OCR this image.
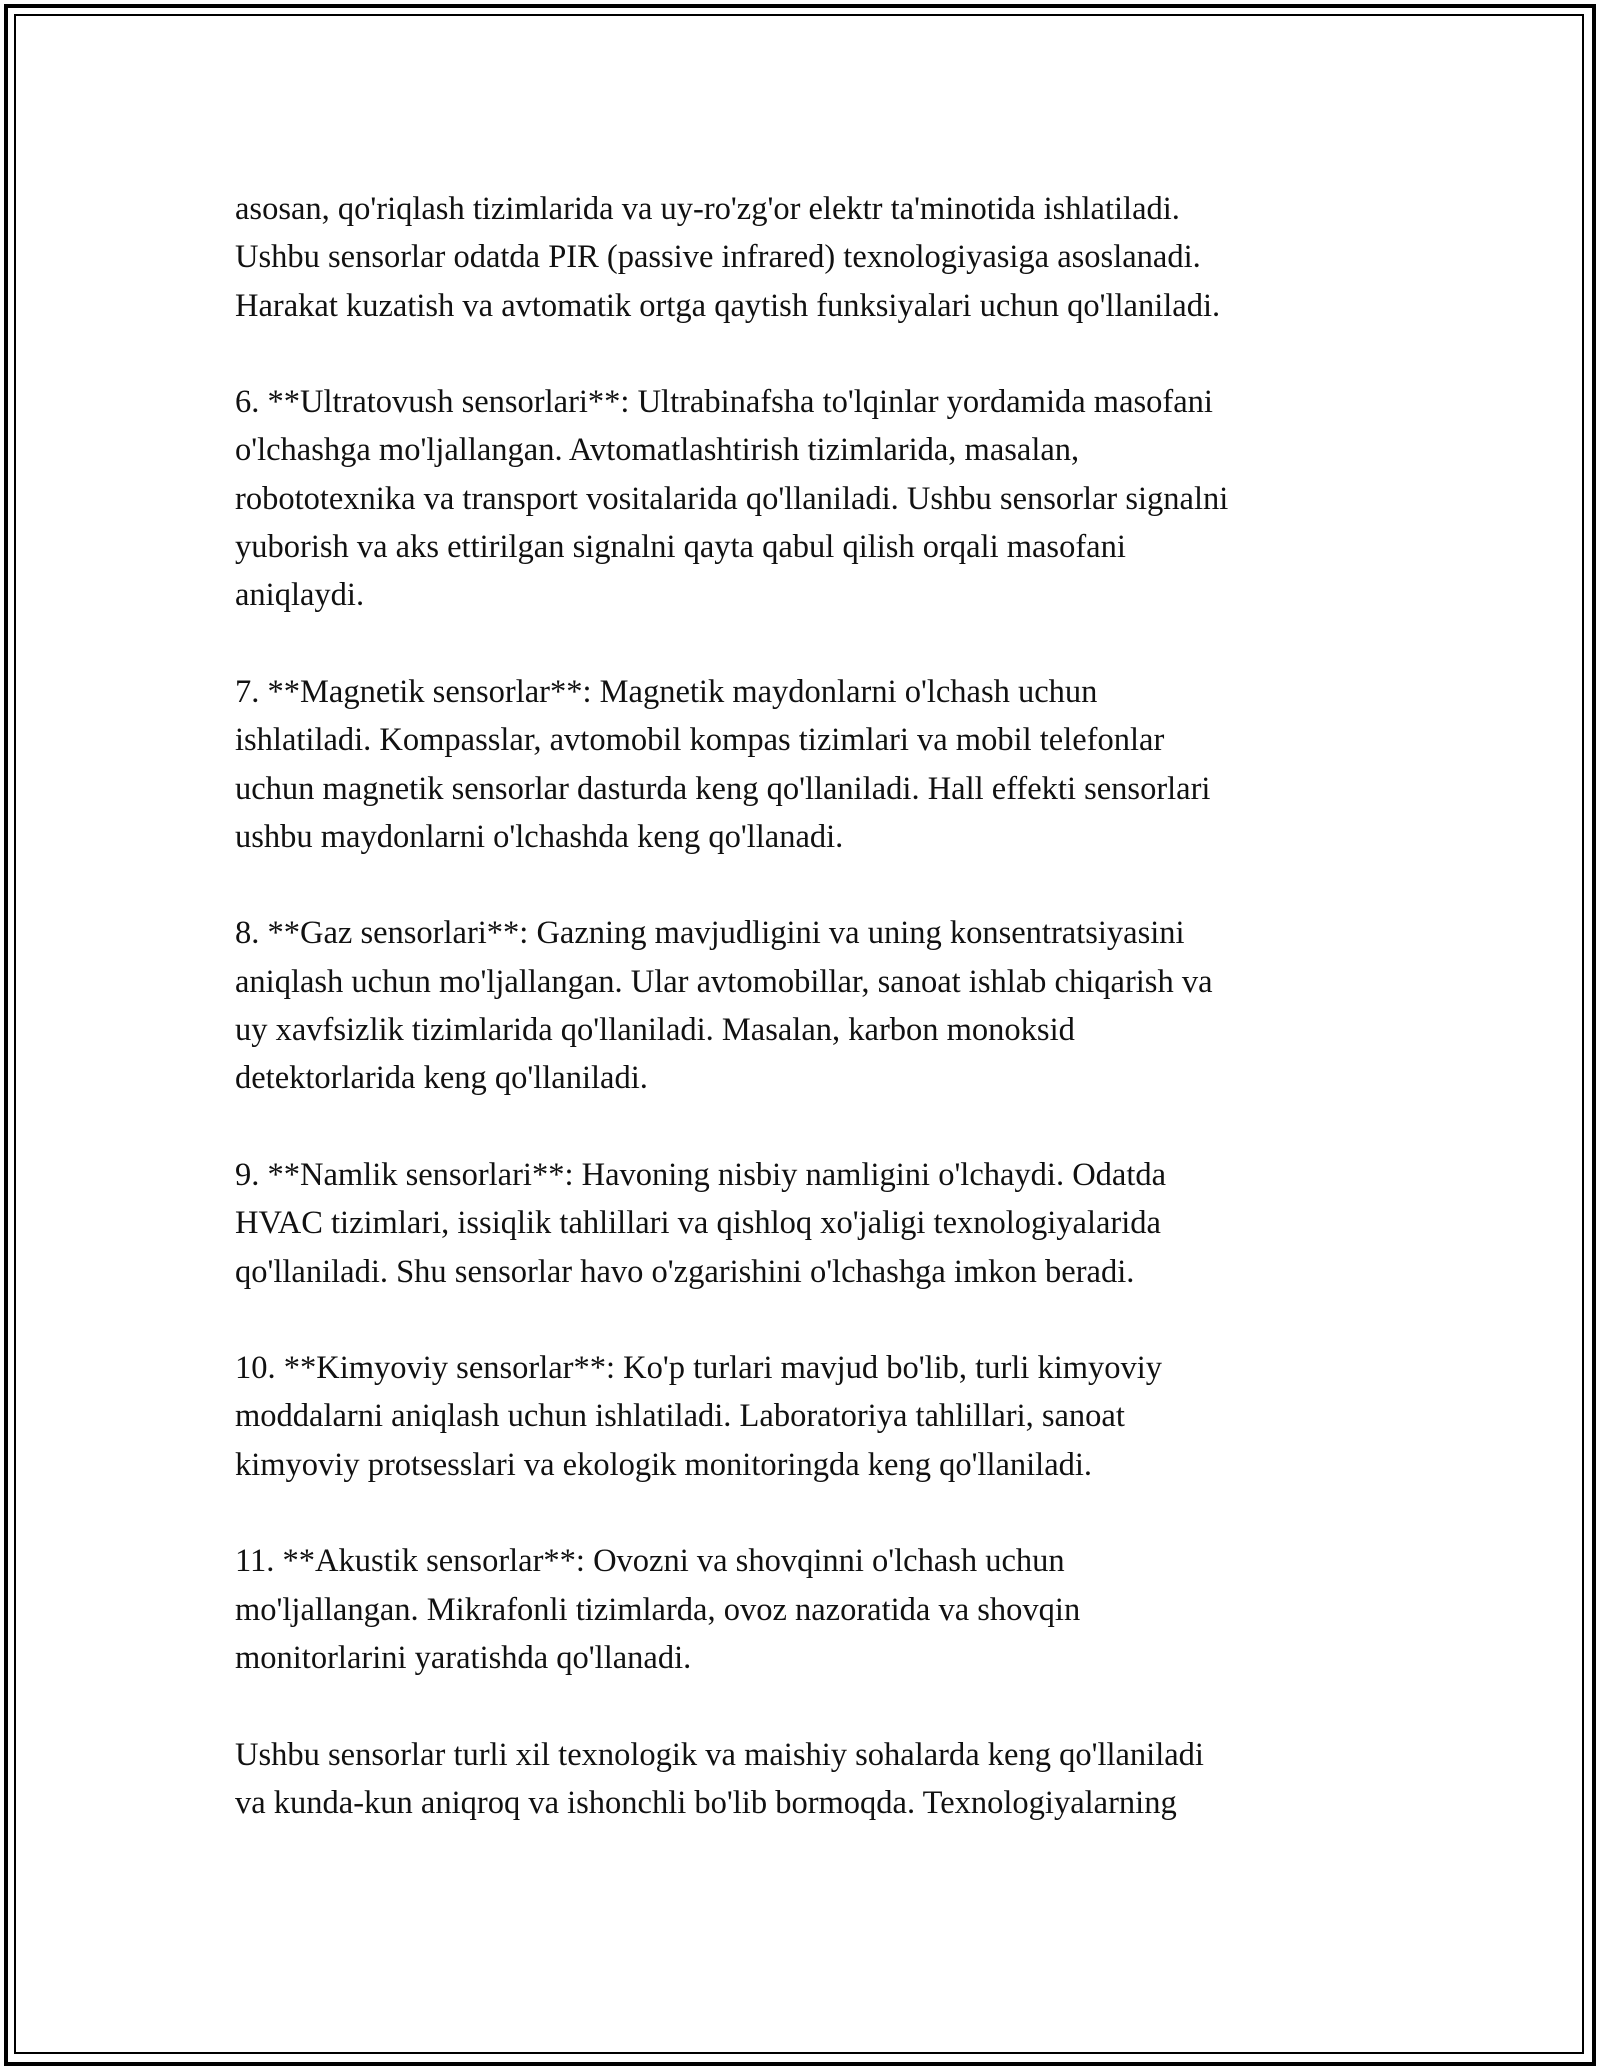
asosan, qo'riqlash tizimlarida va uy-ro'zg'or elektr ta'minotida ishlatiladi.
Ushbu sensorlar odatda PIR (passive infrared) texnologiyasiga asoslanadi.
Harakat kuzatish va avtomatik ortga qaytish funksiyalari uchun qo'llaniladi.

6. **Ultratovush sensorlari**: Ultrabinafsha to'lqinlar yordamida masofani
o'lchashga mo'ljallangan. Avtomatlashtirish tizimlarida, masalan,
robototexnika va transport vositalarida qo'llaniladi. Ushbu sensorlar signalni
yuborish va aks ettirilgan signalni qayta qabul qilish orqali masofani
aniqlaydi.

7. **Magnetik sensorlar**: Magnetik maydonlarni o'lchash uchun
ishlatiladi. Kompasslar, avtomobil kompas tizimlari va mobil telefonlar
uchun magnetik sensorlar dasturda keng qo'llaniladi. Hall effekti sensorlari
ushbu maydonlarni o'lchashda keng qo'llanadi.

8. **Gaz sensorlari**: Gazning mavjudligini va uning konsentratsiyasini
aniqlash uchun mo'ljallangan. Ular avtomobillar, sanoat ishlab chiqarish va
uy xavfsizlik tizimlarida qo'llaniladi. Masalan, karbon monoksid
detektorlarida keng qo'llaniladi.

9. **Namlik sensorlari**: Havoning nisbiy namligini o'lchaydi. Odatda
HVAC tizimlari, issiqlik tahlillari va qishloq xo'jaligi texnologiyalarida
qo'llaniladi. Shu sensorlar havo o'zgarishini o'lchashga imkon beradi.

10. **Kimyoviy sensorlar**: Ko'p turlari mavjud bo'lib, turli kimyoviy
moddalarni aniqlash uchun ishlatiladi. Laboratoriya tahlillari, sanoat
kimyoviy protsesslari va ekologik monitoringda keng qo'llaniladi.

11. **Akustik sensorlar**: Ovozni va shovqinni o'lchash uchun
mo'ljallangan. Mikrafonli tizimlarda, ovoz nazoratida va shovqin
monitorlarini yaratishda qo'llanadi.

Ushbu sensorlar turli xil texnologik va maishiy sohalarda keng qo'llaniladi
va kunda-kun aniqroq va ishonchli bo'lib bormoqda. Texnologiyalarning
